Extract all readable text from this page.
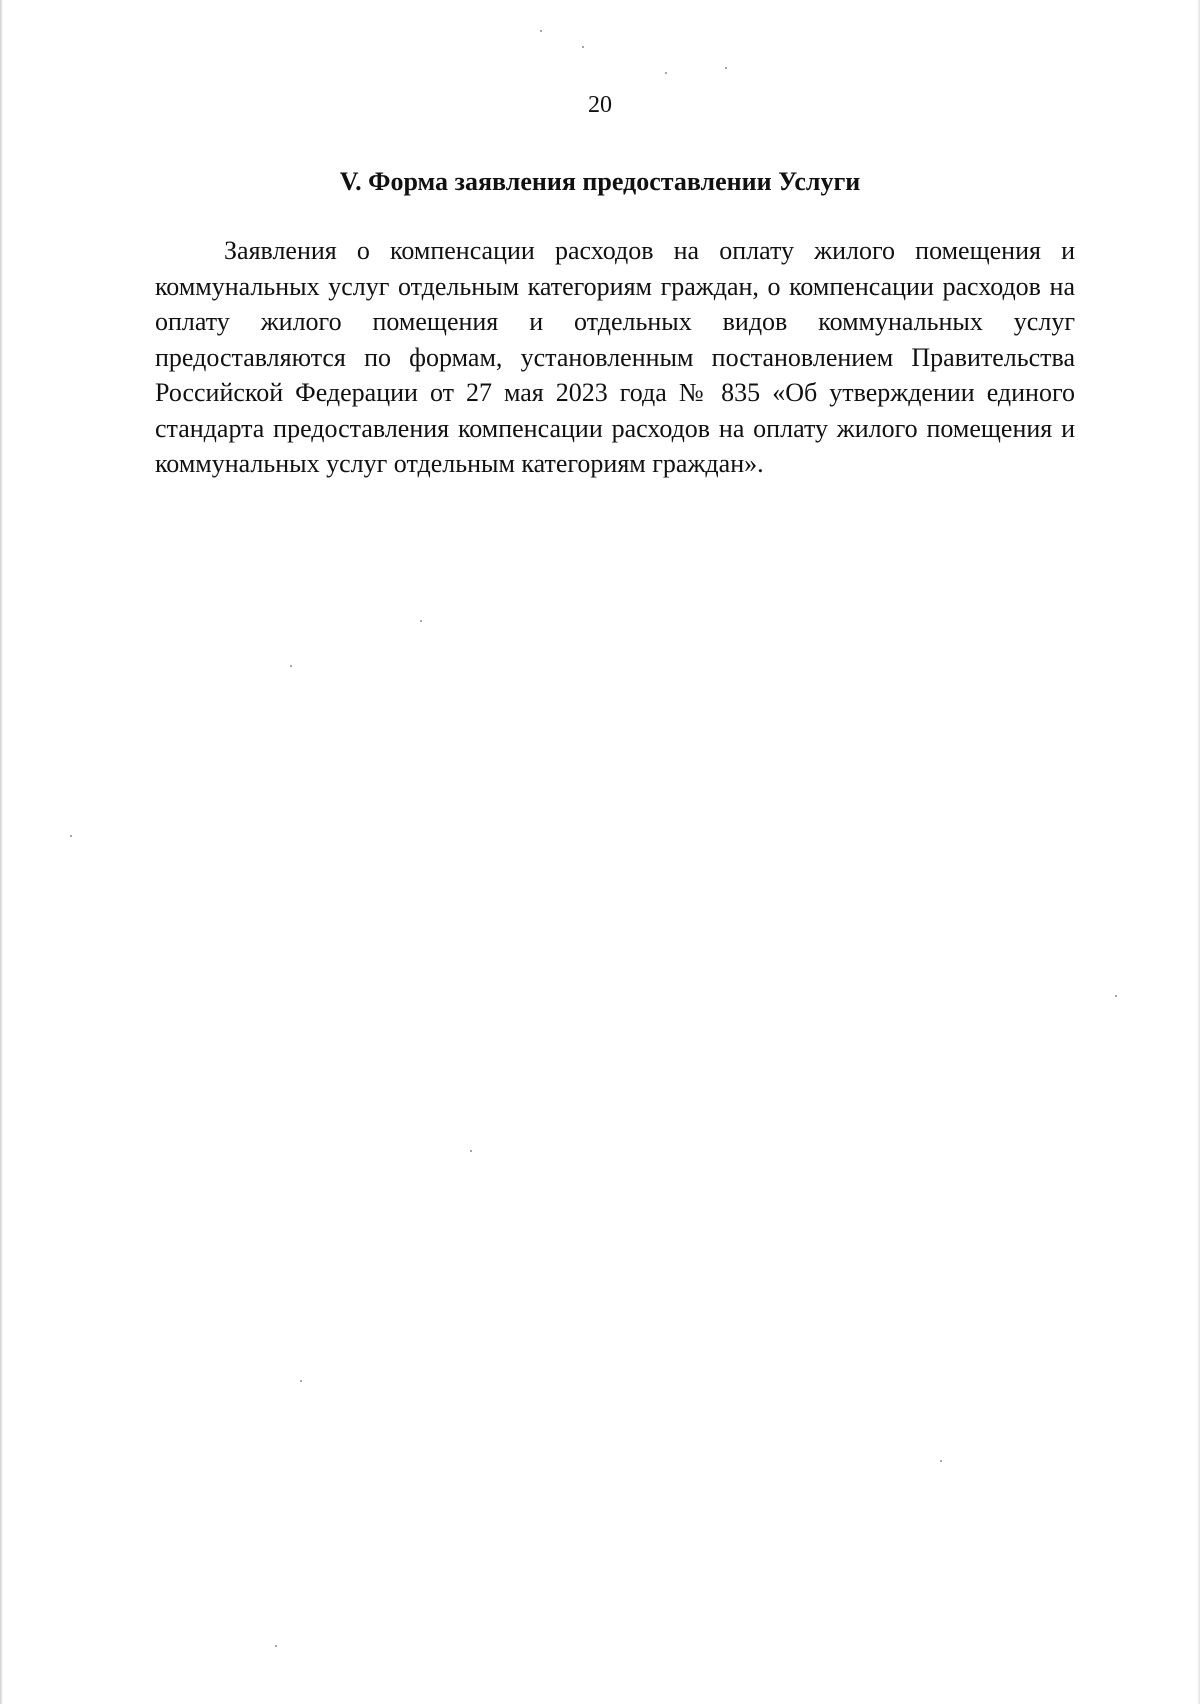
20
V. Форма заявления предоставлении Услуги

Заявления о компенсации расходов на оплату жилого помещения и коммунальных услуг отдельным категориям граждан, о компенсации расходов на оплату жилого помещения и отдельных видов коммунальных услуг предоставляются по формам, установленным постановлением Правительства Российской Федерации от 27 мая 2023 года № 835 «Об утверждении единого стандарта предоставления компенсации расходов на оплату жилого помещения и коммунальных услуг отдельным категориям граждан».
